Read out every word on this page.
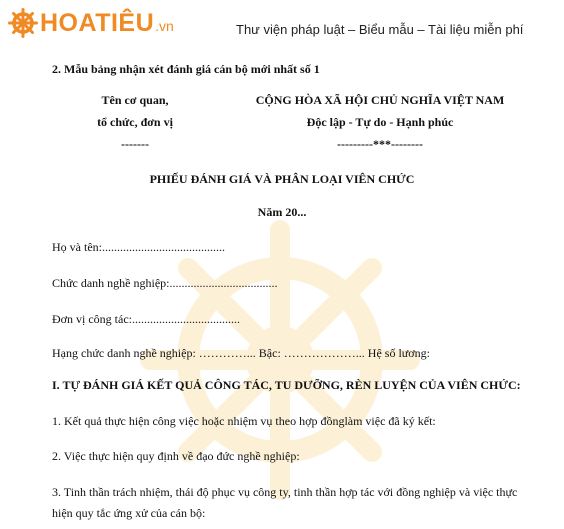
HOATIÊU .vn	Thư viện pháp luật – Biểu mẫu – Tài liệu miễn phí
2. Mẫu bảng nhận xét đánh giá cán bộ mới nhất số 1
Tên cơ quan,
tổ chức, đơn vị
-------
CỘNG HÒA XÃ HỘI CHỦ NGHĨA VIỆT NAM
Độc lập - Tự do - Hạnh phúc
---------***--------
PHIẾU ĐÁNH GIÁ VÀ PHÂN LOẠI VIÊN CHỨC
Năm 20...
Họ và tên:.........................................
Chức danh nghề nghiệp:....................................
Đơn vị công tác:....................................
Hạng chức danh nghề nghiệp: …………... Bậc: ………………... Hệ số lương:
I. TỰ ĐÁNH GIÁ KẾT QUẢ CÔNG TÁC, TU DƯỠNG, RÈN LUYỆN CỦA VIÊN CHỨC:
1. Kết quả thực hiện công việc hoặc nhiệm vụ theo hợp đồnglàm việc đã ký kết:
2. Việc thực hiện quy định về đạo đức nghề nghiệp:
3. Tinh thần trách nhiệm, thái độ phục vụ công ty, tinh thần hợp tác với đồng nghiệp và việc thực
hiện quy tắc ứng xử của cán bộ:
